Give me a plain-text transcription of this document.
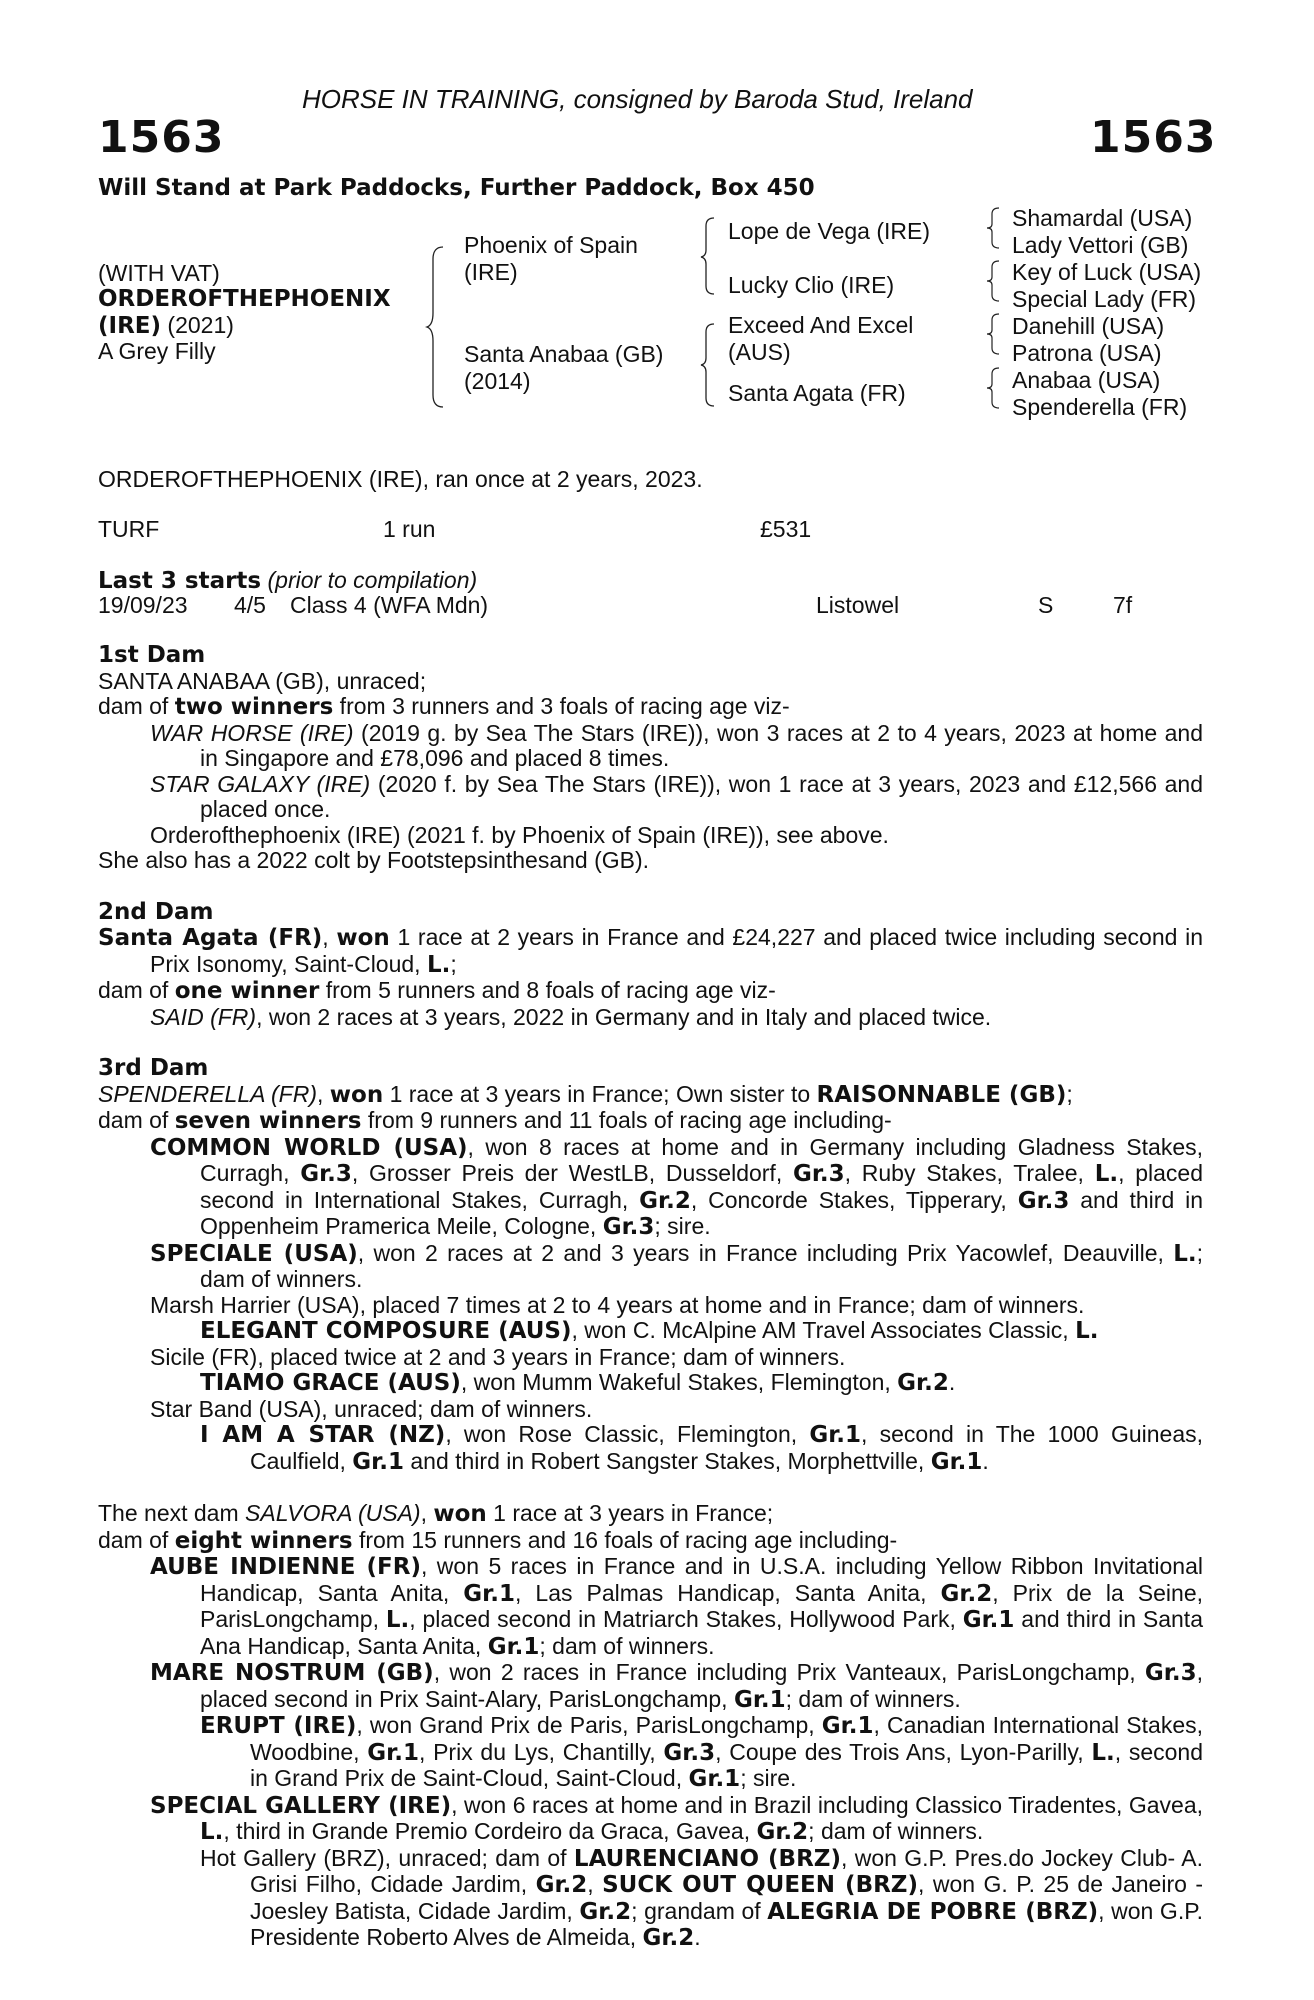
HORSE IN TRAINING, consigned by Baroda Stud, Ireland
1563	1563
Will Stand at Park Paddocks, Further Paddock, Box 450
(WITH VAT)
ORDEROFTHEPHOENIX
(IRE) (2021)
A Grey Filly
Phoenix of Spain
(IRE)
Santa Anabaa (GB)
(2014)
Lope de Vega (IRE)
Lucky Clio (IRE)
Exceed And Excel
(AUS)
Santa Agata (FR)
Shamardal (USA)
Lady Vettori (GB)
Key of Luck (USA)
Special Lady (FR)
Danehill (USA)
Patrona (USA)
Anabaa (USA)
Spenderella (FR)
ORDEROFTHEPHOENIX (IRE), ran once at 2 years, 2023.
TURF	1 run	£531
Last 3 starts (prior to compilation)
19/09/23 4/5 Class 4 (WFA Mdn)	Listowel	S	7f

1st Dam

SANTA ANABAA (GB), unraced;

dam of two winners from 3 runners and 3 foals of racing age viz-

WAR HORSE (IRE) (2019 g. by Sea The Stars (IRE)), won 3 races at 2 to 4 years, 2023 at home and in Singapore and £78,096 and placed 8 times.

STAR GALAXY (IRE) (2020 f. by Sea The Stars (IRE)), won 1 race at 3 years, 2023 and £12,566 and placed once.

Orderofthephoenix (IRE) (2021 f. by Phoenix of Spain (IRE)), see above.

She also has a 2022 colt by Footstepsinthesand (GB).

2nd Dam

Santa Agata (FR), won 1 race at 2 years in France and £24,227 and placed twice including second in Prix Isonomy, Saint-Cloud, L.;

dam of one winner from 5 runners and 8 foals of racing age viz-

SAID (FR), won 2 races at 3 years, 2022 in Germany and in Italy and placed twice.

3rd Dam

SPENDERELLA (FR), won 1 race at 3 years in France; Own sister to RAISONNABLE (GB);

dam of seven winners from 9 runners and 11 foals of racing age including-

COMMON WORLD (USA), won 8 races at home and in Germany including Gladness Stakes, Curragh, Gr.3, Grosser Preis der WestLB, Dusseldorf, Gr.3, Ruby Stakes, Tralee, L., placed second in International Stakes, Curragh, Gr.2, Concorde Stakes, Tipperary, Gr.3 and third in Oppenheim Pramerica Meile, Cologne, Gr.3; sire.

SPECIALE (USA), won 2 races at 2 and 3 years in France including Prix Yacowlef, Deauville, L.; dam of winners.

Marsh Harrier (USA), placed 7 times at 2 to 4 years at home and in France; dam of winners.

ELEGANT COMPOSURE (AUS), won C. McAlpine AM Travel Associates Classic, L.

Sicile (FR), placed twice at 2 and 3 years in France; dam of winners.

TIAMO GRACE (AUS), won Mumm Wakeful Stakes, Flemington, Gr.2.

Star Band (USA), unraced; dam of winners.

I AM A STAR (NZ), won Rose Classic, Flemington, Gr.1, second in The 1000 Guineas, Caulfield, Gr.1 and third in Robert Sangster Stakes, Morphettville, Gr.1.

The next dam SALVORA (USA), won 1 race at 3 years in France;

dam of eight winners from 15 runners and 16 foals of racing age including-

AUBE INDIENNE (FR), won 5 races in France and in U.S.A. including Yellow Ribbon Invitational Handicap, Santa Anita, Gr.1, Las Palmas Handicap, Santa Anita, Gr.2, Prix de la Seine, ParisLongchamp, L., placed second in Matriarch Stakes, Hollywood Park, Gr.1 and third in Santa Ana Handicap, Santa Anita, Gr.1; dam of winners.

MARE NOSTRUM (GB), won 2 races in France including Prix Vanteaux, ParisLongchamp, Gr.3, placed second in Prix Saint-Alary, ParisLongchamp, Gr.1; dam of winners.

ERUPT (IRE), won Grand Prix de Paris, ParisLongchamp, Gr.1, Canadian International Stakes, Woodbine, Gr.1, Prix du Lys, Chantilly, Gr.3, Coupe des Trois Ans, Lyon-Parilly, L., second in Grand Prix de Saint-Cloud, Saint-Cloud, Gr.1; sire.

SPECIAL GALLERY (IRE), won 6 races at home and in Brazil including Classico Tiradentes, Gavea, L., third in Grande Premio Cordeiro da Graca, Gavea, Gr.2; dam of winners.

Hot Gallery (BRZ), unraced; dam of LAURENCIANO (BRZ), won G.P. Pres.do Jockey Club- A. Grisi Filho, Cidade Jardim, Gr.2, SUCK OUT QUEEN (BRZ), won G. P. 25 de Janeiro - Joesley Batista, Cidade Jardim, Gr.2; grandam of ALEGRIA DE POBRE (BRZ), won G.P. Presidente Roberto Alves de Almeida, Gr.2.
